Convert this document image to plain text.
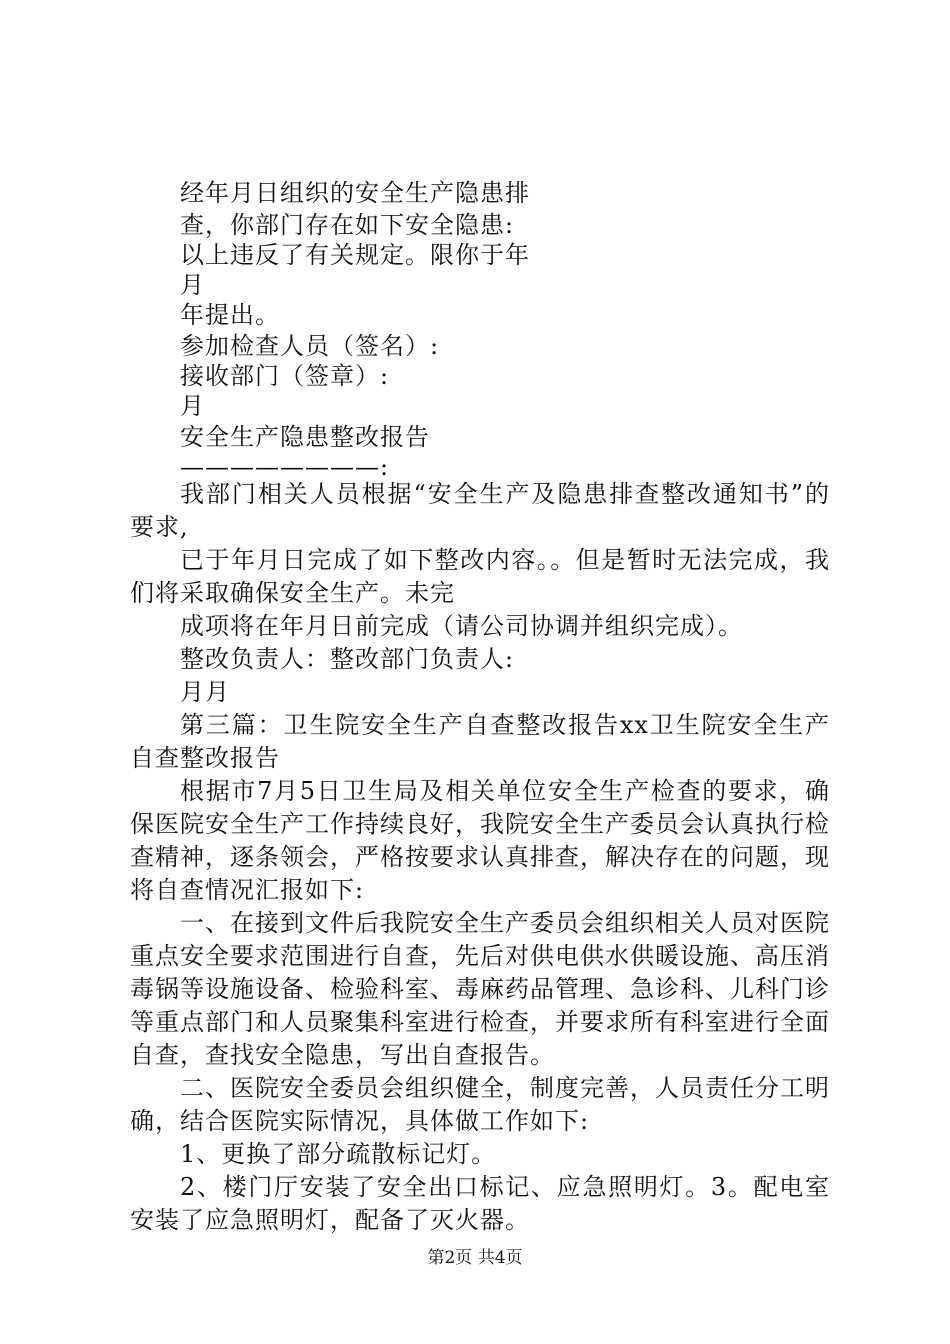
经年月日组织的安全生产隐患排
查，你部门存在如下安全隐患:
以上违反了有关规定。限你于年
月
年提出。
参加检查人员（签名）:
接收部门（签章）:
月
安全生产隐患整改报告
————————:

我部门相关人员根据“安全生产及隐患排查整改通知书”的要求,

已于年月日完成了如下整改内容。。但是暂时无法完成，我们将采取确保安全生产。未完

成项将在年月日前完成（请公司协调并组织完成）。

整改负责人：整改部门负责人:

月月

第三篇：卫生院安全生产自查整改报告xx卫生院安全生产自查整改报告

根据市7月5日卫生局及相关单位安全生产检查的要求，确保医院安全生产工作持续良好，我院安全生产委员会认真执行检查精神，逐条领会，严格按要求认真排查，解决存在的问题，现将自查情况汇报如下:

一、在接到文件后我院安全生产委员会组织相关人员对医院重点安全要求范围进行自查，先后对供电供水供暖设施、高压消毒锅等设施设备、检验科室、毒麻药品管理、急诊科、儿科门诊等重点部门和人员聚集科室进行检查，并要求所有科室进行全面自查，查找安全隐患，写出自查报告。

二、医院安全委员会组织健全，制度完善，人员责任分工明确，结合医院实际情况，具体做工作如下:

1、更换了部分疏散标记灯。

2、楼门厅安装了安全出口标记、应急照明灯。3。配电室安装了应急照明灯，配备了灭火器。

第2页 共4页
